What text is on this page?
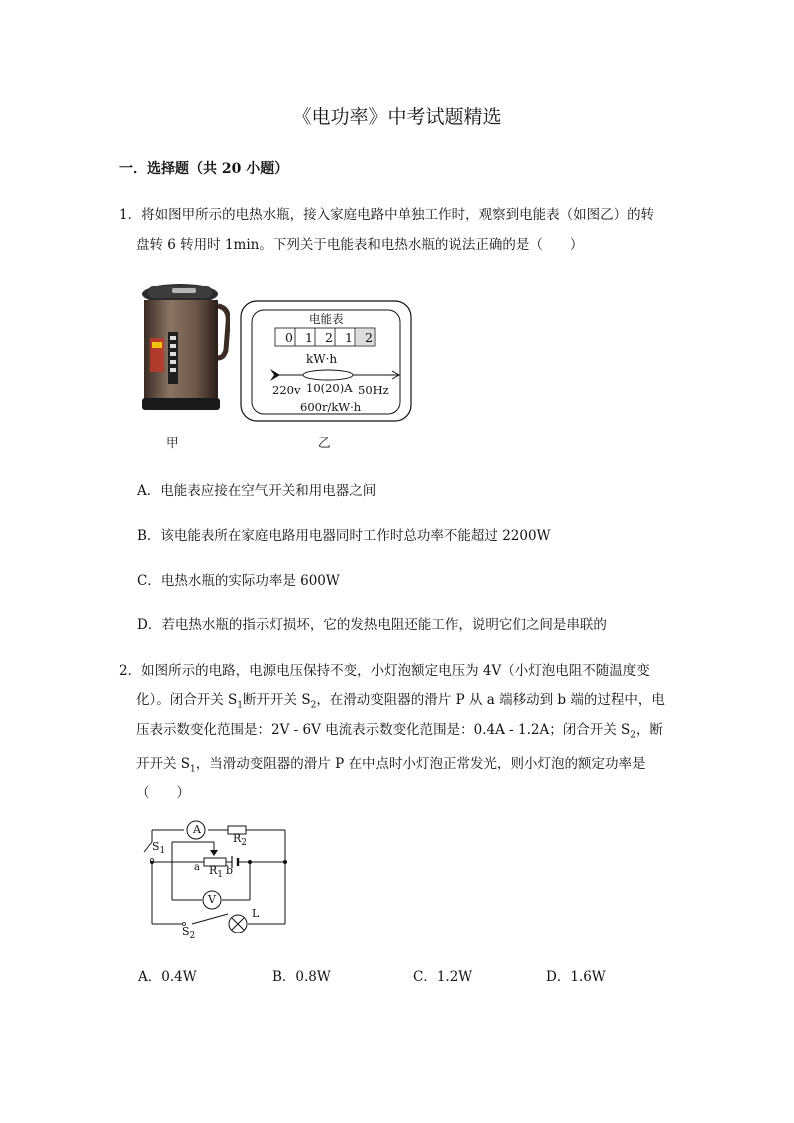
《电功率》中考试题精选
一．选择题（共 20 小题）
1．将如图甲所示的电热水瓶，接入家庭电路中单独工作时，观察到电能表（如图乙）的转
盘转 6 转用时 1min。下列关于电能表和电热水瓶的说法正确的是（　　）
甲
电能表
0 1 2 1 2
kW·h
220v 10(20)A 50Hz
600r/kW·h
乙
A．电能表应接在空气开关和用电器之间
B．该电能表所在家庭电路用电器同时工作时总功率不能超过 2200W
C．电热水瓶的实际功率是 600W
D．若电热水瓶的指示灯损坏，它的发热电阻还能工作，说明它们之间是串联的
2．如图所示的电路，电源电压保持不变，小灯泡额定电压为 4V（小灯泡电阻不随温度变
化）。闭合开关 $S_1$断开开关 $S_2$，在滑动变阻器的滑片 P 从 a 端移动到 b 端的过程中，电
压表示数变化范围是：2V - 6V 电流表示数变化范围是：0.4A - 1.2A；闭合开关 $S_2$，断
开开关 $S_1$，当滑动变阻器的滑片 P 在中点时小灯泡正常发光，则小灯泡的额定功率是
（　　）
A
$R_2$
$S_1$
a $R_1$ b
V
L
$S_2$
A．0.4W	B．0.8W	C．1.2W	D．1.6W
